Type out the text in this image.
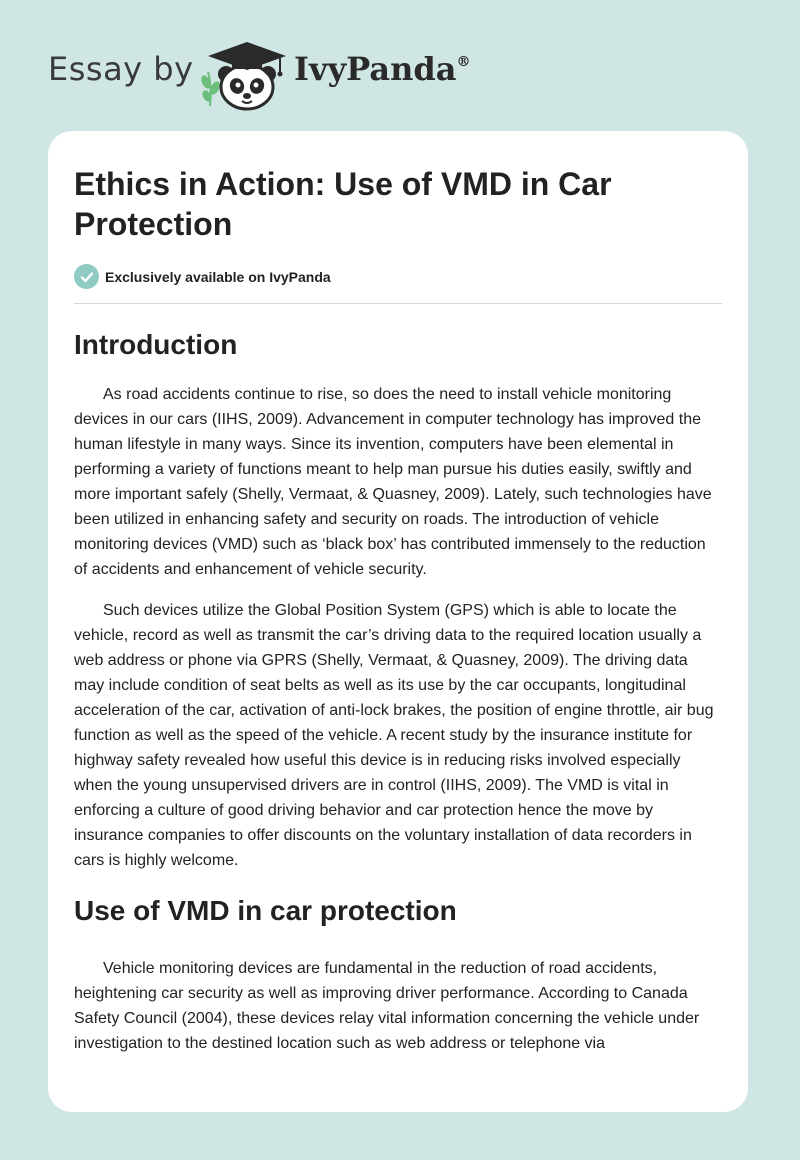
Essay by	IvyPanda®
Ethics in Action: Use of VMD in Car Protection
Exclusively available on IvyPanda
Introduction

As road accidents continue to rise, so does the need to install vehicle monitoring devices in our cars (IIHS, 2009). Advancement in computer technology has improved the human lifestyle in many ways. Since its invention, computers have been elemental in performing a variety of functions meant to help man pursue his duties easily, swiftly and more important safely (Shelly, Vermaat, & Quasney, 2009). Lately, such technologies have been utilized in enhancing safety and security on roads. The introduction of vehicle monitoring devices (VMD) such as ‘black box’ has contributed immensely to the reduction of accidents and enhancement of vehicle security.

Such devices utilize the Global Position System (GPS) which is able to locate the vehicle, record as well as transmit the car’s driving data to the required location usually a web address or phone via GPRS (Shelly, Vermaat, & Quasney, 2009). The driving data may include condition of seat belts as well as its use by the car occupants, longitudinal acceleration of the car, activation of anti-lock brakes, the position of engine throttle, air bug function as well as the speed of the vehicle. A recent study by the insurance institute for highway safety revealed how useful this device is in reducing risks involved especially when the young unsupervised drivers are in control (IIHS, 2009). The VMD is vital in enforcing a culture of good driving behavior and car protection hence the move by insurance companies to offer discounts on the voluntary installation of data recorders in cars is highly welcome.

Use of VMD in car protection

Vehicle monitoring devices are fundamental in the reduction of road accidents, heightening car security as well as improving driver performance. According to Canada Safety Council (2004), these devices relay vital information concerning the vehicle under investigation to the destined location such as web address or telephone via
